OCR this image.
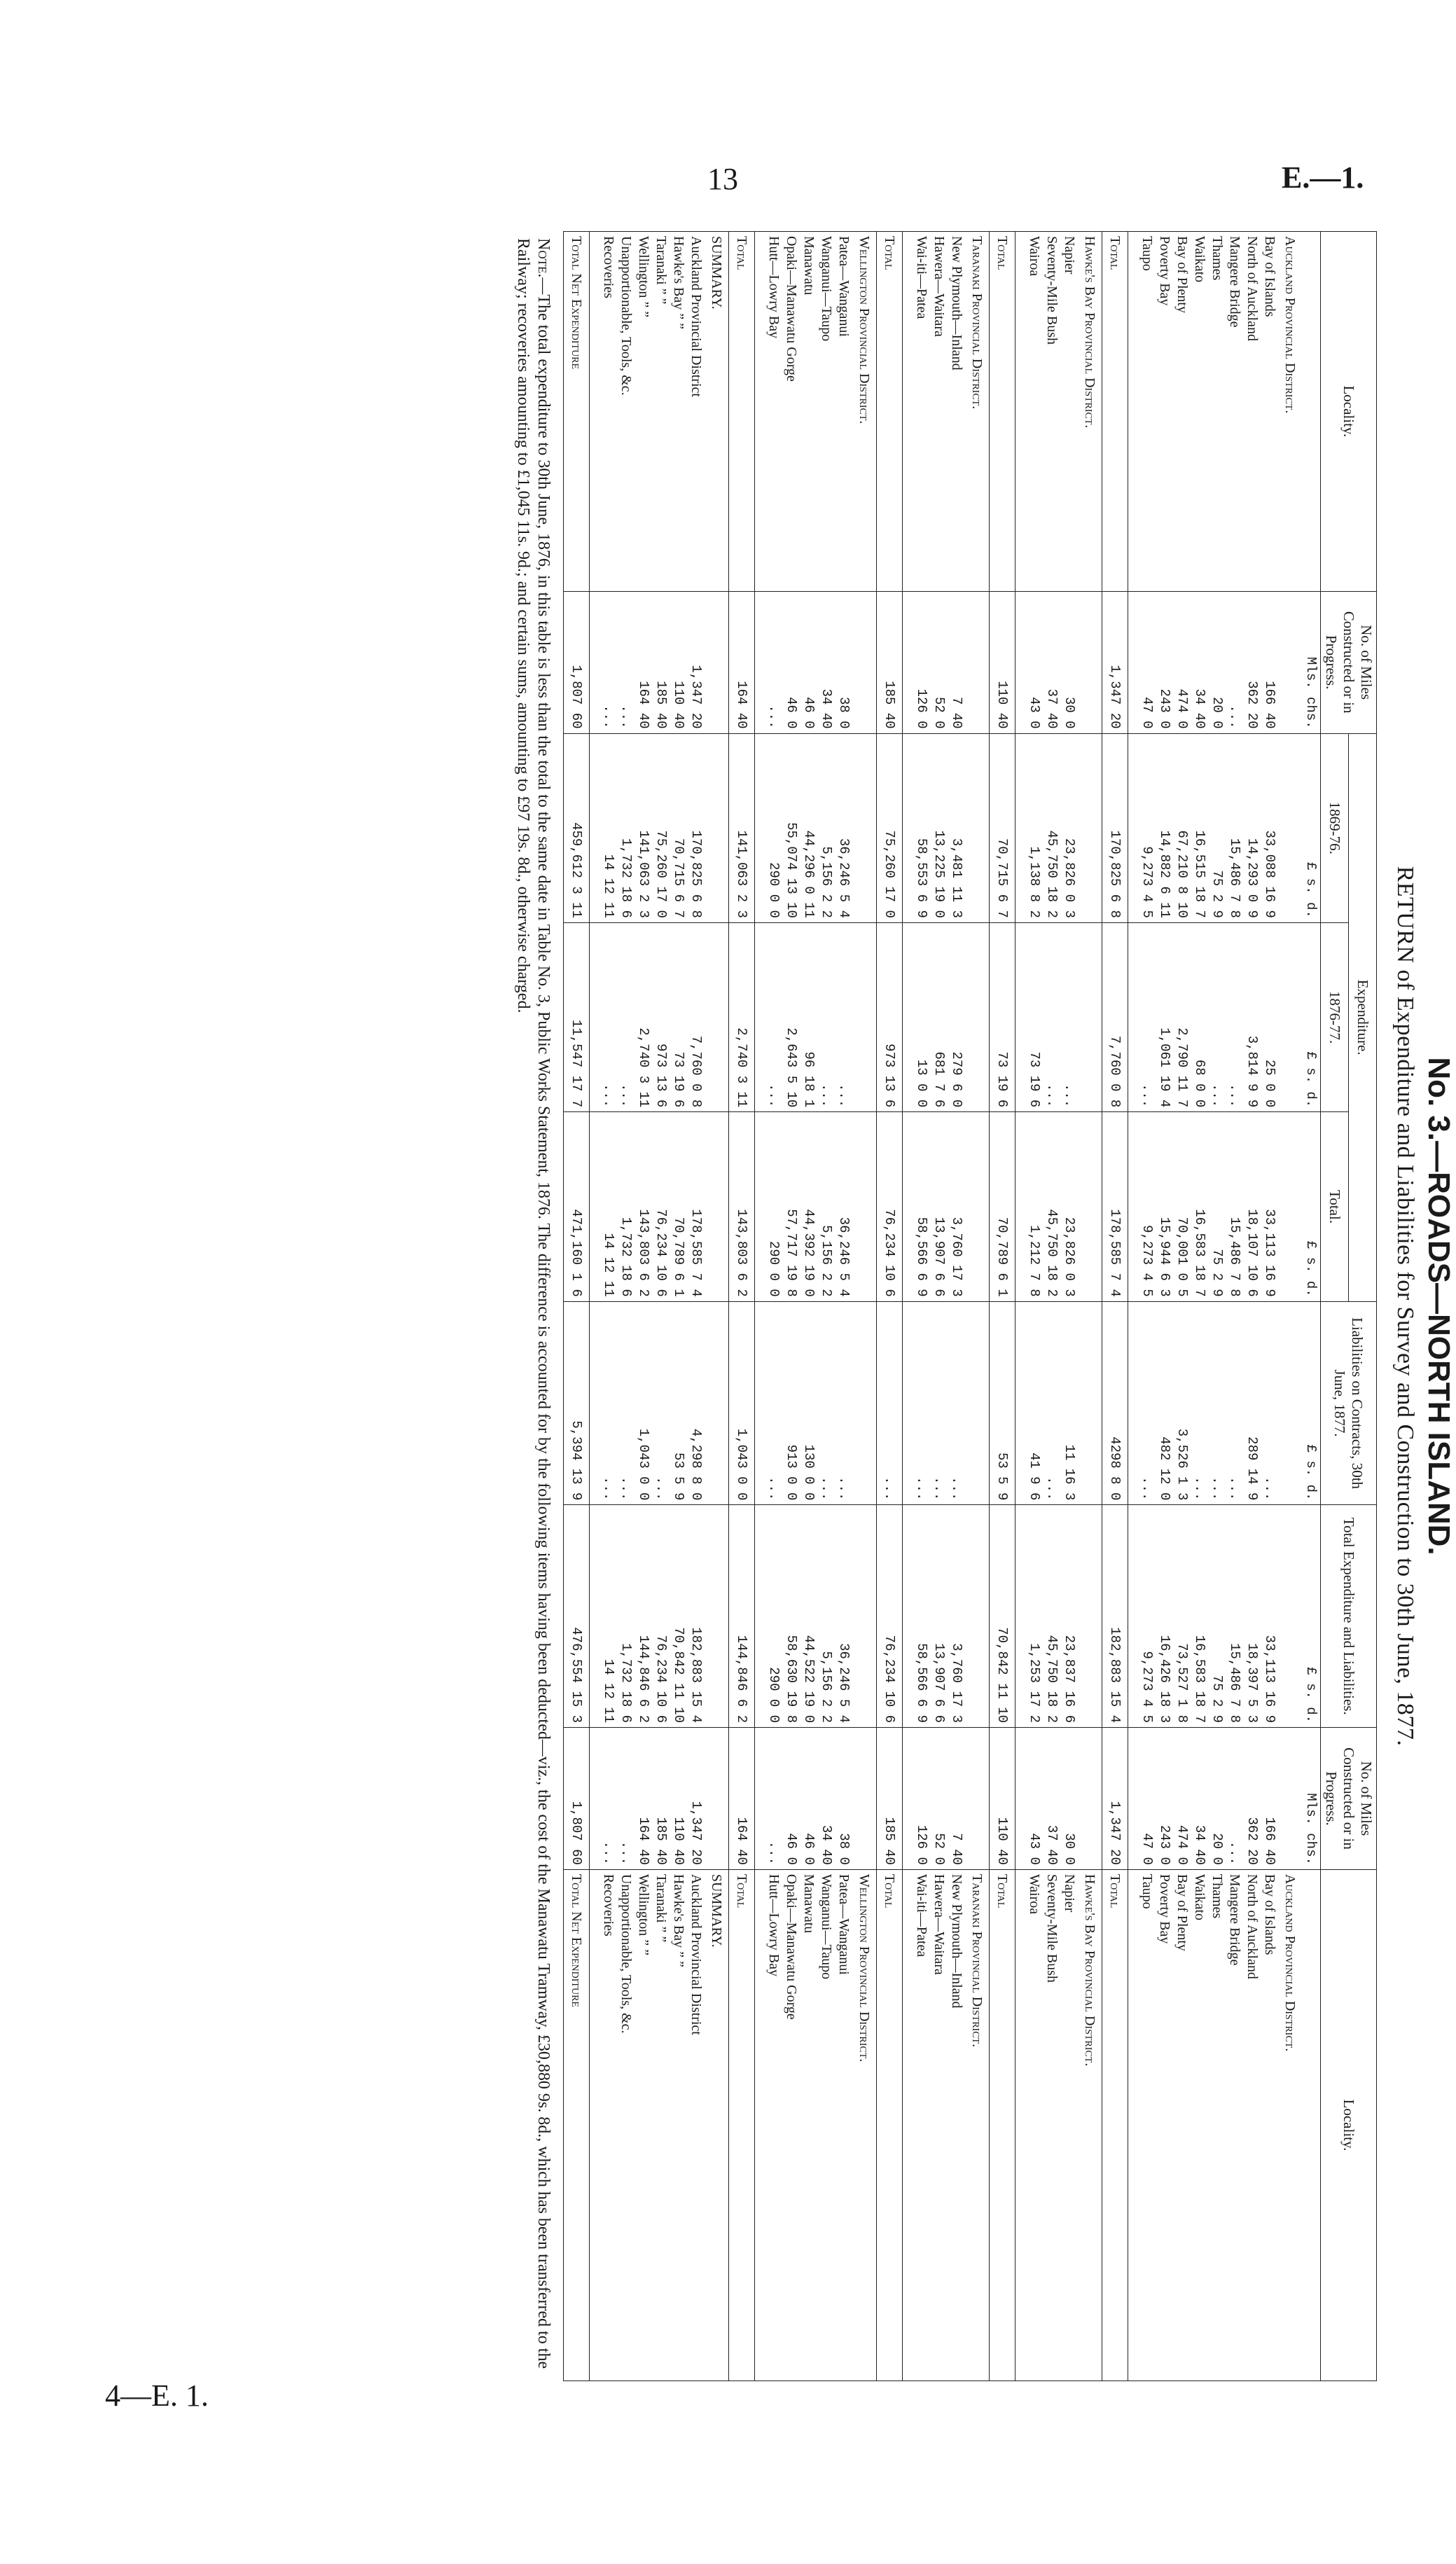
13	E.—1.
No. 3.—ROADS—NORTH ISLAND.
RETURN of Expenditure and Liabilities for Survey and Construction to 30th June, 1877.
Locality.	No. of Miles Constructed or in Progress.	Expenditure.			Liabilities on Contracts, 30th June, 1877.	Total Expenditure and Liabilities.	No. of Miles Constructed or in Progress.	Locality.
		1869-76.	1876-77.	Total.				
	Mls. chs.	£ s. d.	£ s. d.	£ s. d.	£ s. d.	£ s. d.	Mls. chs.	
Auckland Provincial District.								Auckland Provincial District.
Bay of Islands	166 40	33,088 16 9	25 0 0	33,113 16 9	...	33,113 16 9	166 40	Bay of Islands
North of Auckland	362 20	14,293 0 9	3,814 9 9	18,107 10 6	289 14 9	18,397 5 3	362 20	North of Auckland
Mangere Bridge	...	15,486 7 8	...	15,486 7 8	...	15,486 7 8	...	Mangere Bridge
Thames	20 0	75 2 9	...	75 2 9	...	75 2 9	20 0	Thames
Waikato	34 40	16,515 18 7	68 0 0	16,583 18 7	...	16,583 18 7	34 40	Waikato
Bay of Plenty	474 0	67,210 8 10	2,790 11 7	70,001 0 5	3,526 1 3	73,527 1 8	474 0	Bay of Plenty
Poverty Bay	243 0	14,882 6 11	1,061 19 4	15,944 6 3	482 12 0	16,426 18 3	243 0	Poverty Bay
Taupo	47 0	9,273 4 5	...	9,273 4 5	...	9,273 4 5	47 0	Taupo

Total	1,347 20	170,825 6 8	7,760 0 8	178,585 7 4	4298 8 0	182,883 15 4	1,347 20	Total
Hawke's Bay Provincial District.								Hawke's Bay Provincial District.
Napier	30 0	23,826 0 3	...	23,826 0 3	11 16 3	23,837 16 6	30 0	Napier
Seventy-Mile Bush	37 40	45,750 18 2	...	45,750 18 2	...	45,750 18 2	37 40	Seventy-Mile Bush
Wairoa	43 0	1,138 8 2	73 19 6	1,212 7 8	41 9 6	1,253 17 2	43 0	Wairoa

Total	110 40	70,715 6 7	73 19 6	70,789 6 1	53 5 9	70,842 11 10	110 40	Total
Taranaki Provincial District.								Taranaki Provincial District.
New Plymouth—Inland	7 40	3,481 11 3	279 6 0	3,760 17 3	...	3,760 17 3	7 40	New Plymouth—Inland
Hawera—Waitara	52 0	13,225 19 0	681 7 6	13,907 6 6	...	13,907 6 6	52 0	Hawera—Waitara
Wai-iti—Patea	126 0	58,553 6 9	13 0 0	58,566 6 9	...	58,566 6 9	126 0	Wai-iti—Patea

Total	185 40	75,260 17 0	973 13 6	76,234 10 6	...	76,234 10 6	185 40	Total
Wellington Provincial District.								Wellington Provincial District.
Patea—Wanganui	38 0	36,246 5 4	...	36,246 5 4	...	36,246 5 4	38 0	Patea—Wanganui
Wanganui—Taupo	34 40	5,156 2 2	...	5,156 2 2	...	5,156 2 2	34 40	Wanganui—Taupo
Manawatu	46 0	44,296 0 11	96 18 1	44,392 19 0	130 0 0	44,522 19 0	46 0	Manawatu
Opaki—Manawatu Gorge	46 0	55,074 13 10	2,643 5 10	57,717 19 8	913 0 0	58,630 19 8	46 0	Opaki—Manawatu Gorge
Hutt—Lowry Bay	...	290 0 0	...	290 0 0	...	290 0 0	...	Hutt—Lowry Bay

Total	164 40	141,063 2 3	2,740 3 11	143,803 6 2	1,043 0 0	144,846 6 2	164 40	Total
SUMMARY.								SUMMARY.
Auckland Provincial District	1,347 20	170,825 6 8	7,760 0 8	178,585 7 4	4,298 8 0	182,883 15 4	1,347 20	Auckland Provincial District
Hawke's Bay ” ”	110 40	70,715 6 7	73 19 6	70,789 6 1	53 5 9	70,842 11 10	110 40	Hawke's Bay ” ”
Taranaki ” ”	185 40	75,260 17 0	973 13 6	76,234 10 6	...	76,234 10 6	185 40	Taranaki ” ”
Wellington ” ”	164 40	141,063 2 3	2,740 3 11	143,803 6 2	1,043 0 0	144,846 6 2	164 40	Wellington ” ”
Unapportionable, Tools, &c.	...	1,732 18 6	...	1,732 18 6	...	1,732 18 6	...	Unapportionable, Tools, &c.
Recoveries	...	14 12 11	...	14 12 11	...	14 12 11	...	Recoveries

Total Net Expenditure	1,807 60	459,612 3 11	11,547 17 7	471,160 1 6	5,394 13 9	476,554 15 3	1,807 60	Total Net Expenditure
Note.—The total expenditure to 30th June, 1876, in this table is less than the total to the same date in Table No. 3, Public Works Statement, 1876. The difference is accounted for by the following items having been deducted—viz., the cost of the Manawatu Tramway, £30,880 9s. 8d., which has been transferred to the Railway; recoveries amounting to £1,045 11s. 9d.; and certain sums, amounting to £97 19s. 8d., otherwise charged.
4—E. 1.
